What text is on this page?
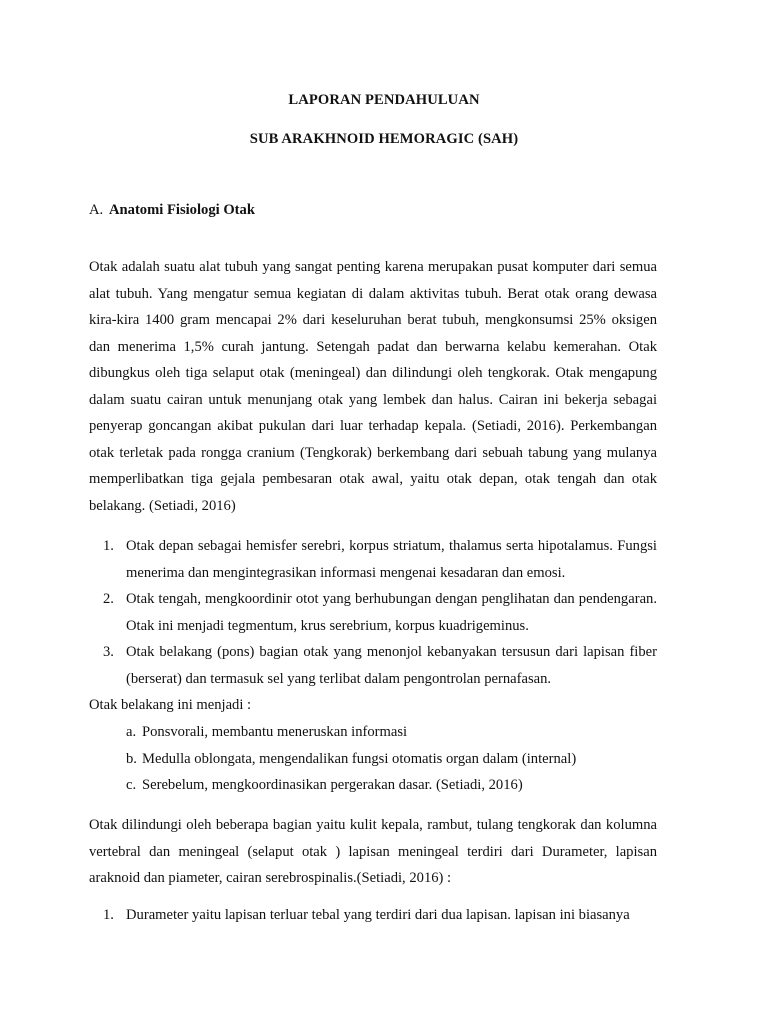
LAPORAN PENDAHULUAN
SUB ARAKHNOID HEMORAGIC (SAH)
A. Anatomi Fisiologi Otak

Otak adalah suatu alat tubuh yang sangat penting karena merupakan pusat komputer dari semua alat tubuh. Yang mengatur semua kegiatan di dalam aktivitas tubuh. Berat otak orang dewasa kira-kira 1400 gram mencapai 2% dari keseluruhan berat tubuh, mengkonsumsi 25% oksigen dan menerima 1,5% curah jantung. Setengah padat dan berwarna kelabu kemerahan. Otak dibungkus oleh tiga selaput otak (meningeal) dan dilindungi oleh tengkorak. Otak mengapung dalam suatu cairan untuk menunjang otak yang lembek dan halus. Cairan ini bekerja sebagai penyerap goncangan akibat pukulan dari luar terhadap kepala. (Setiadi, 2016). Perkembangan otak terletak pada rongga cranium (Tengkorak) berkembang dari sebuah tabung yang mulanya memperlibatkan tiga gejala pembesaran otak awal, yaitu otak depan, otak tengah dan otak belakang. (Setiadi, 2016)

1. Otak depan sebagai hemisfer serebri, korpus striatum, thalamus serta hipotalamus. Fungsi menerima dan mengintegrasikan informasi mengenai kesadaran dan emosi.
2. Otak tengah, mengkoordinir otot yang berhubungan dengan penglihatan dan pendengaran. Otak ini menjadi tegmentum, krus serebrium, korpus kuadrigeminus.
3. Otak belakang (pons) bagian otak yang menonjol kebanyakan tersusun dari lapisan fiber (berserat) dan termasuk sel yang terlibat dalam pengontrolan pernafasan.
Otak belakang ini menjadi :
a. Ponsvorali, membantu meneruskan informasi
b. Medulla oblongata, mengendalikan fungsi otomatis organ dalam (internal)
c. Serebelum, mengkoordinasikan pergerakan dasar. (Setiadi, 2016)

Otak dilindungi oleh beberapa bagian yaitu kulit kepala, rambut, tulang tengkorak dan kolumna vertebral dan meningeal (selaput otak ) lapisan meningeal terdiri dari Durameter, lapisan araknoid dan piameter, cairan serebrospinalis.(Setiadi, 2016) :

1. Durameter yaitu lapisan terluar tebal yang terdiri dari dua lapisan. lapisan ini biasanya
